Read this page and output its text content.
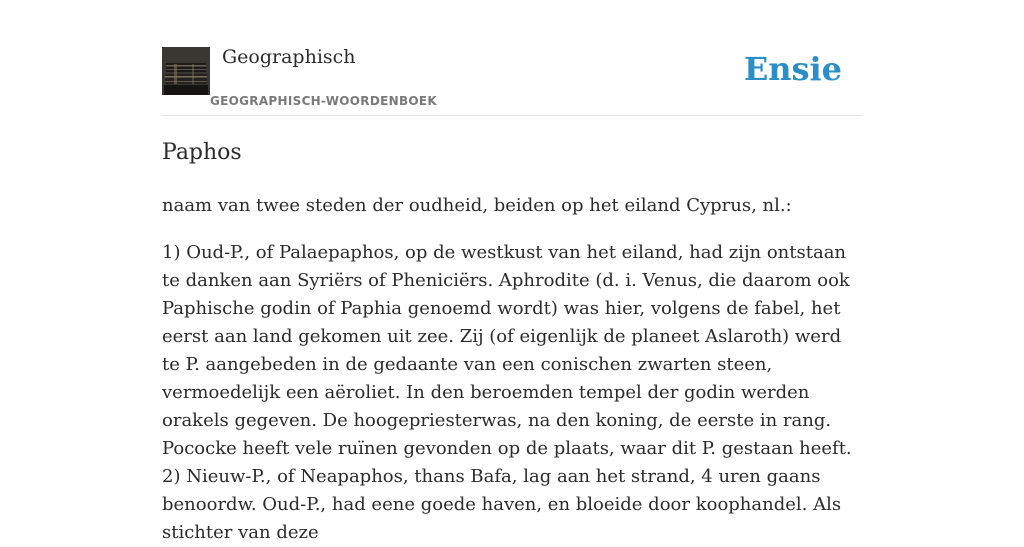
Geographisch
GEOGRAPHISCH-WOORDENBOEK
Ensie
Paphos

naam van twee steden der oudheid, beiden op het eiland Cyprus, nl.:

1) Oud-P., of Palaepaphos, op de westkust van het eiland, had zijn ontstaan te danken aan Syriërs of Pheniciërs. Aphrodite (d. i. Venus, die daarom ook Paphische godin of Paphia genoemd wordt) was hier, volgens de fabel, het eerst aan land gekomen uit zee. Zij (of eigenlijk de planeet Aslaroth) werd te P. aangebeden in de gedaante van een conischen zwarten steen, vermoedelijk een aëroliet. In den beroemden tempel der godin werden orakels gegeven. De hoogepriesterwas, na den koning, de eerste in rang. Pococke heeft vele ruïnen gevonden op de plaats, waar dit P. gestaan heeft.

2) Nieuw-P., of Neapaphos, thans Bafa, lag aan het strand, 4 uren gaans benoordw. Oud-P., had eene goede haven, en bloeide door koophandel. Als stichter van deze
